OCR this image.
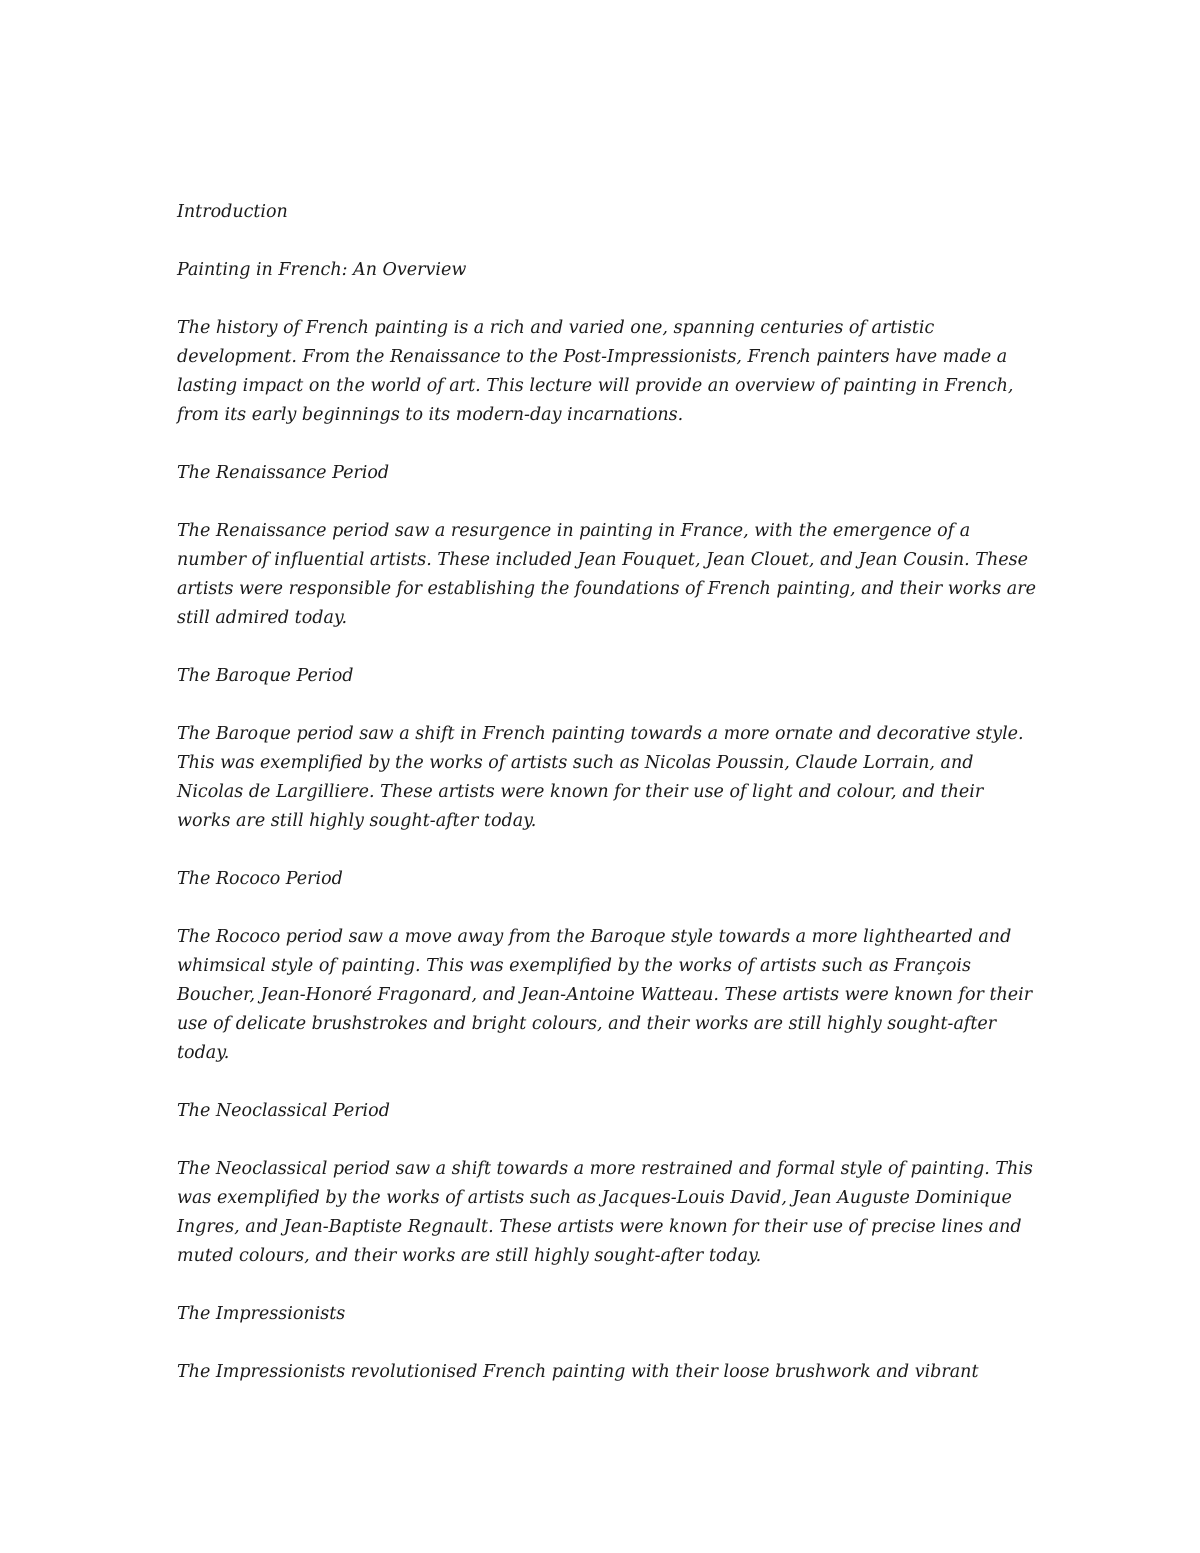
Introduction

Painting in French: An Overview

The history of French painting is a rich and varied one, spanning centuries of artistic development. From the Renaissance to the Post-Impressionists, French painters have made a lasting impact on the world of art. This lecture will provide an overview of painting in French, from its early beginnings to its modern-day incarnations.

The Renaissance Period

The Renaissance period saw a resurgence in painting in France, with the emergence of a number of influential artists. These included Jean Fouquet, Jean Clouet, and Jean Cousin. These artists were responsible for establishing the foundations of French painting, and their works are still admired today.

The Baroque Period

The Baroque period saw a shift in French painting towards a more ornate and decorative style. This was exemplified by the works of artists such as Nicolas Poussin, Claude Lorrain, and Nicolas de Largilliere. These artists were known for their use of light and colour, and their works are still highly sought-after today.

The Rococo Period

The Rococo period saw a move away from the Baroque style towards a more lighthearted and whimsical style of painting. This was exemplified by the works of artists such as François Boucher, Jean-Honoré Fragonard, and Jean-Antoine Watteau. These artists were known for their use of delicate brushstrokes and bright colours, and their works are still highly sought-after today.

The Neoclassical Period

The Neoclassical period saw a shift towards a more restrained and formal style of painting. This was exemplified by the works of artists such as Jacques-Louis David, Jean Auguste Dominique Ingres, and Jean-Baptiste Regnault. These artists were known for their use of precise lines and muted colours, and their works are still highly sought-after today.

The Impressionists

The Impressionists revolutionised French painting with their loose brushwork and vibrant
